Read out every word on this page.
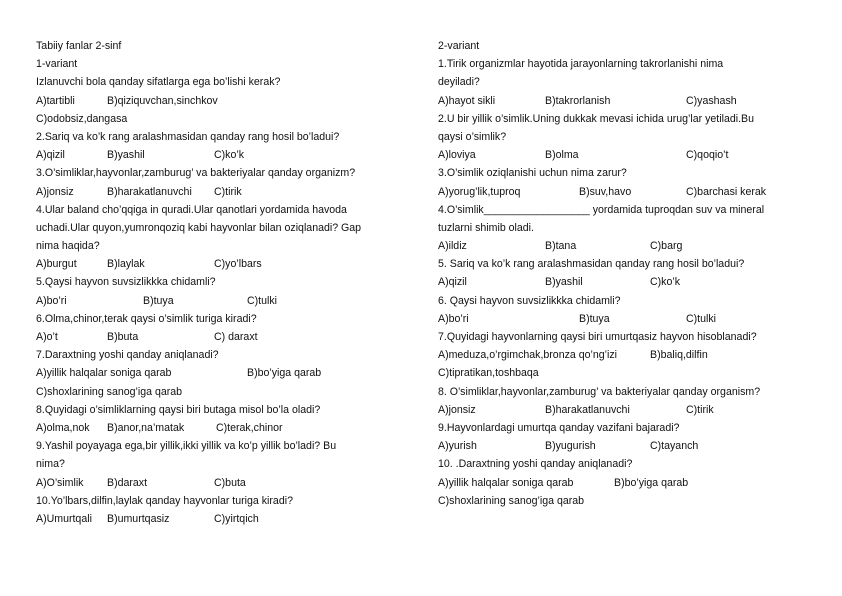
Tabiiy fanlar 2-sinf
1-variant
Izlanuvchi bola qanday sifatlarga ega bo’lishi kerak?
A)tartibli	B)qiziquvchan,sinchkov
C)odobsiz,dangasa
2.Sariq va ko’k rang aralashmasidan qanday rang hosil bo’ladui?
A)qizil	B)yashil	C)ko’k
3.O’simliklar,hayvonlar,zamburug’ va bakteriyalar qanday organizm?
A)jonsiz	B)harakatlanuvchi C)tirik
4.Ular baland cho’qqiga in quradi.Ular qanotlari yordamida havoda
uchadi.Ular quyon,yumronqoziq kabi hayvonlar bilan oziqlanadi? Gap
nima haqida?
A)burgut	B)laylak	C)yo’lbars
5.Qaysi hayvon suvsizlikkka chidamli?
A)bo’ri	B)tuya	C)tulki
6.Olma,chinor,terak qaysi o’simlik turiga kiradi?
A)o’t	B)buta	C) daraxt
7.Daraxtning yoshi qanday aniqlanadi?
A)yillik halqalar soniga qarab	B)bo’yiga qarab
C)shoxlarining sanog’iga qarab
8.Quyidagi o’simliklarning qaysi biri butaga misol bo’la oladi?
A)olma,nok B)anor,na’matak	C)terak,chinor
9.Yashil poyayaga ega,bir yillik,ikki yillik va ko’p yillik bo’ladi? Bu
nima?
A)O’simlik B)daraxt	C)buta
10.Yo’lbars,dilfin,laylak qanday hayvonlar turiga kiradi?
A)Umurtqali B)umurtqasiz	C)yirtqich
2-variant
1.Tirik organizmlar hayotida jarayonlarning takrorlanishi nima
deyiladi?
A)hayot sikli	B)takrorlanish	C)yashash
2.U bir yillik o’simlik.Uning dukkak mevasi ichida urug’lar yetiladi.Bu
qaysi o’simlik?
A)loviya	B)olma	C)qoqio’t
3.O’simlik oziqlanishi uchun nima zarur?
A)yorug’lik,tuproq	B)suv,havo	C)barchasi kerak
4.O’simlik__________________ yordamida tuproqdan suv va mineral
tuzlarni shimib oladi.
A)ildiz	B)tana	C)barg
5. Sariq va ko’k rang aralashmasidan qanday rang hosil bo’ladui?
A)qizil	B)yashil	C)ko’k
6. Qaysi hayvon suvsizlikkka chidamli?
A)bo’ri	B)tuya	C)tulki
7.Quyidagi hayvonlarning qaysi biri umurtqasiz hayvon hisoblanadi?
A)meduza,o’rgimchak,bronza qo’ng’izi	B)baliq,dilfin
C)tipratikan,toshbaqa
8. O’simliklar,hayvonlar,zamburug’ va bakteriyalar qanday organism?
A)jonsiz	B)harakatlanuvchi	C)tirik
9.Hayvonlardagi umurtqa qanday vazifani bajaradi?
A)yurish	B)yugurish	C)tayanch
10. .Daraxtning yoshi qanday aniqlanadi?
A)yillik halqalar soniga qarab	B)bo’yiga qarab
C)shoxlarining sanog’iga qarab
